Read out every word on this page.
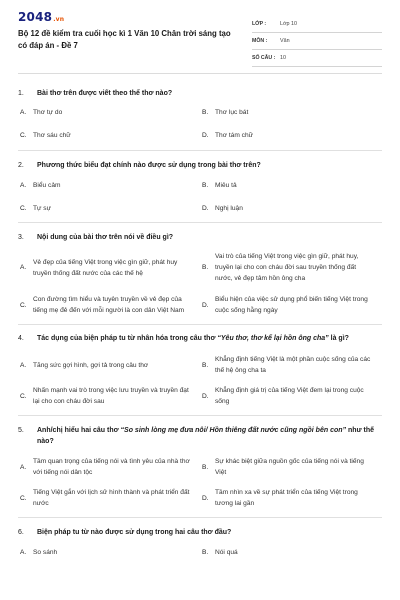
2048.vn
Bộ 12 đề kiểm tra cuối học kì 1 Văn 10 Chân trời sáng tạo có đáp án - Đề 7
LỚP :	Lớp 10
MÔN :	Văn
SỐ CÂU : 10
1.	Bài thơ trên được viết theo thể thơ nào?
A.	Thơ tự do	B.	Thơ lục bát
C. Thơ sáu chữ	D. Thơ tám chữ
2.	Phương thức biểu đạt chính nào được sử dụng trong bài thơ trên?
A.	Biểu cảm	B.	Miêu tả
C. Tự sự	D. Nghị luận
3.	Nội dung của bài thơ trên nói về điều gì?
A.
Vẻ đẹp của tiếng Việt trong việc gìn giữ, phát huy truyền thống đất nước của các thế hệ
B.
Vai trò của tiếng Việt trong việc gìn giữ, phát huy, truyền lại cho con cháu đời sau truyền thống đất nước, vẻ đẹp tâm hồn ông cha
C.
Con đường tìm hiểu và tuyên truyền về vẻ đẹp của tiếng mẹ đẻ đến với mỗi người là con dân Việt Nam
D.
Biểu hiện của việc sử dụng phổ biến tiếng Việt trong cuộc sống hằng ngày
4.	Tác dụng của biện pháp tu từ nhân hóa trong câu thơ “Yêu thơ, thơ kể lại hồn ông cha” là gì?
A.	Tăng sức gợi hình, gợi tả trong câu thơ	B.
Khẳng định tiếng Việt là một phần cuộc sống của các thế hệ ông cha ta
C.
Nhấn mạnh vai trò trong việc lưu truyền và truyền đạt lại cho con cháu đời sau
D.
Khẳng định giá trị của tiếng Việt đem lại trong cuộc sống
5.	Anh/chị hiểu hai câu thơ “So sinh lòng mẹ đưa nôi/ Hồn thiêng đất nước cũng ngồi bên con” như thế nào?
A.
Tầm quan trọng của tiếng nói và tình yêu của nhà thơ với tiếng nói dân tộc
B.
Sự khác biệt giữa nguồn gốc của tiếng nói và tiếng Việt
C.
Tiếng Việt gắn với lịch sử hình thành và phát triển đất nước
D.
Tầm nhìn xa về sự phát triển của tiếng Việt trong tương lai gần
6.	Biện pháp tu từ nào được sử dụng trong hai câu thơ đầu?
A.	So sánh	B.	Nói quá
